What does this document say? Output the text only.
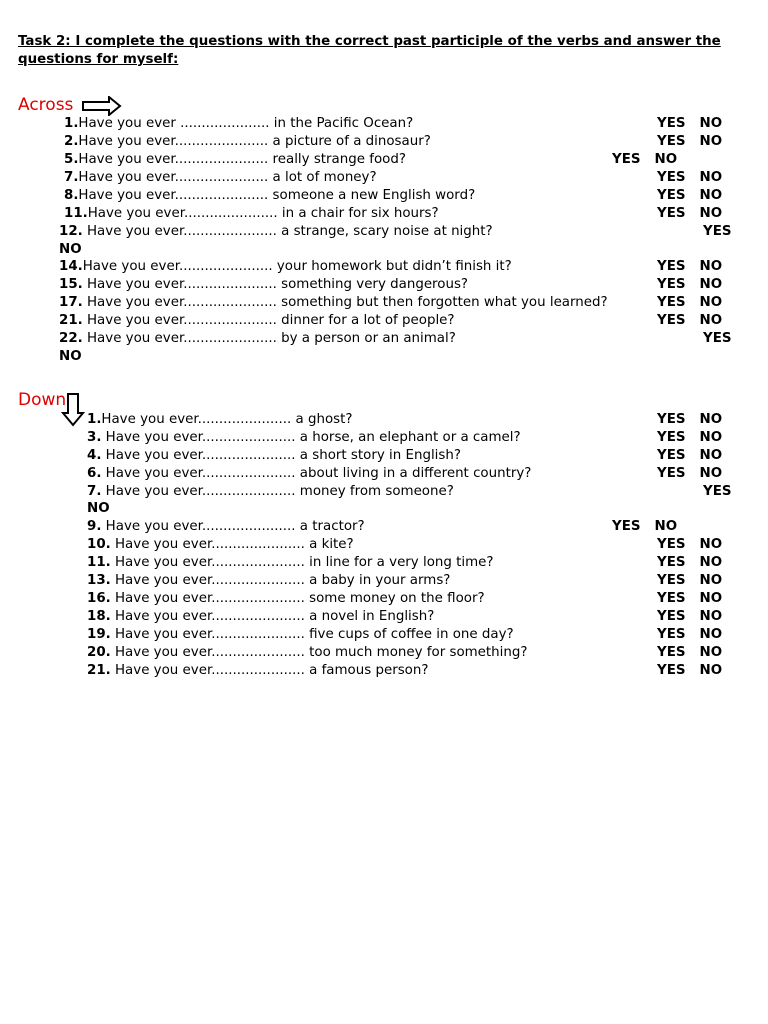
Task 2: I complete the questions with the correct past participle of the verbs and answer the questions for myself:
Across
1.Have you ever ..................... in the Pacific Ocean?	YES NO
2.Have you ever...................... a picture of a dinosaur?	YES NO
5.Have you ever...................... really strange food?	YES NO
7.Have you ever...................... a lot of money?	YES NO
8.Have you ever...................... someone a new English word?	YES NO
11.Have you ever...................... in a chair for six hours?	YES NO
12. Have you ever...................... a strange, scary noise at night?	YES
NO
14.Have you ever...................... your homework but didn’t finish it?	YES NO
15. Have you ever...................... something very dangerous?	YES NO
17. Have you ever...................... something but then forgotten what you learned?	YES NO
21. Have you ever...................... dinner for a lot of people?	YES NO
22. Have you ever...................... by a person or an animal?	YES
NO
Down
1.Have you ever...................... a ghost?	YES NO
3. Have you ever...................... a horse, an elephant or a camel?	YES NO
4. Have you ever...................... a short story in English?	YES NO
6. Have you ever...................... about living in a different country?	YES NO
7. Have you ever...................... money from someone?	YES
NO
9. Have you ever...................... a tractor?	YES NO
10. Have you ever...................... a kite?	YES NO
11. Have you ever...................... in line for a very long time?	YES NO
13. Have you ever...................... a baby in your arms?	YES NO
16. Have you ever...................... some money on the floor?	YES NO
18. Have you ever...................... a novel in English?	YES NO
19. Have you ever...................... five cups of coffee in one day?	YES NO
20. Have you ever...................... too much money for something?	YES NO
21. Have you ever...................... a famous person?	YES NO
